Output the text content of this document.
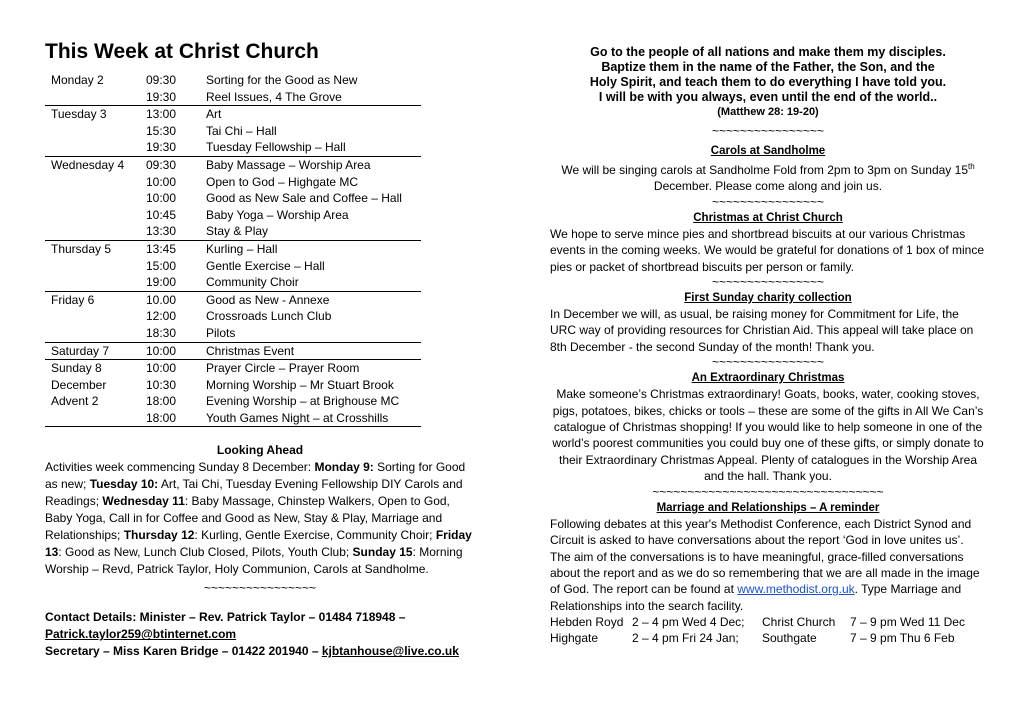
This Week at Christ Church
Monday 2	09:30	Sorting for the Good as New
	19:30	Reel Issues, 4 The Grove
Tuesday 3	13:00	Art
	15:30	Tai Chi – Hall
	19:30	Tuesday Fellowship – Hall
Wednesday 4	09:30	Baby Massage – Worship Area
	10:00	Open to God – Highgate MC
	10:00	Good as New Sale and Coffee – Hall
	10:45	Baby Yoga – Worship Area
	13:30	Stay & Play
Thursday 5	13:45	Kurling – Hall
	15:00	Gentle Exercise – Hall
	19:00	Community Choir
Friday 6	10.00	Good as New - Annexe
	12:00	Crossroads Lunch Club
	18:30	Pilots
Saturday 7	10:00	Christmas Event
Sunday 8	10:00	Prayer Circle – Prayer Room
December	10:30	Morning Worship – Mr Stuart Brook
Advent 2	18:00	Evening Worship – at Brighouse MC
	18:00	Youth Games Night – at Crosshills
Looking Ahead
Activities week commencing Sunday 8 December: Monday 9: Sorting for Good as new; Tuesday 10: Art, Tai Chi, Tuesday Evening Fellowship DIY Carols and Readings; Wednesday 11: Baby Massage, Chinstep Walkers, Open to God, Baby Yoga, Call in for Coffee and Good as New, Stay & Play, Marriage and Relationships; Thursday 12: Kurling, Gentle Exercise, Community Choir; Friday 13: Good as New, Lunch Club Closed, Pilots, Youth Club; Sunday 15: Morning Worship – Revd, Patrick Taylor, Holy Communion, Carols at Sandholme.
~~~~~~~~~~~~~~~~
Contact Details: Minister – Rev. Patrick Taylor – 01484 718948 –
Patrick.taylor259@btinternet.com
Secretary – Miss Karen Bridge – 01422 201940 – kjbtanhouse@live.co.uk
Go to the people of all nations and make them my disciples.
Baptize them in the name of the Father, the Son, and the
Holy Spirit, and teach them to do everything I have told you.
I will be with you always, even until the end of the world..
(Matthew 28: 19-20)
~~~~~~~~~~~~~~~~
Carols at Sandholme
We will be singing carols at Sandholme Fold from 2pm to 3pm on Sunday 15th December. Please come along and join us.
~~~~~~~~~~~~~~~~
Christmas at Christ Church
We hope to serve mince pies and shortbread biscuits at our various Christmas events in the coming weeks. We would be grateful for donations of 1 box of mince pies or packet of shortbread biscuits per person or family.
~~~~~~~~~~~~~~~~
First Sunday charity collection
In December we will, as usual, be raising money for Commitment for Life, the URC way of providing resources for Christian Aid. This appeal will take place on 8th December - the second Sunday of the month! Thank you.
~~~~~~~~~~~~~~~~
An Extraordinary Christmas
Make someone’s Christmas extraordinary! Goats, books, water, cooking stoves, pigs, potatoes, bikes, chicks or tools – these are some of the gifts in All We Can’s catalogue of Christmas shopping! If you would like to help someone in one of the world’s poorest communities you could buy one of these gifts, or simply donate to their Extraordinary Christmas Appeal. Plenty of catalogues in the Worship Area and the hall. Thank you.
~~~~~~~~~~~~~~~~~~~~~~~~~~~~~~~~~
Marriage and Relationships – A reminder
Following debates at this year's Methodist Conference, each District Synod and Circuit is asked to have conversations about the report ‘God in love unites us’. The aim of the conversations is to have meaningful, grace-filled conversations about the report and as we do so remembering that we are all made in the image of God. The report can be found at www.methodist.org.uk. Type Marriage and Relationships into the search facility.
Hebden Royd	2 – 4 pm Wed 4 Dec;	Christ Church	7 – 9 pm Wed 11 Dec
Highgate	2 – 4 pm Fri 24 Jan;	Southgate	7 – 9 pm Thu 6 Feb
